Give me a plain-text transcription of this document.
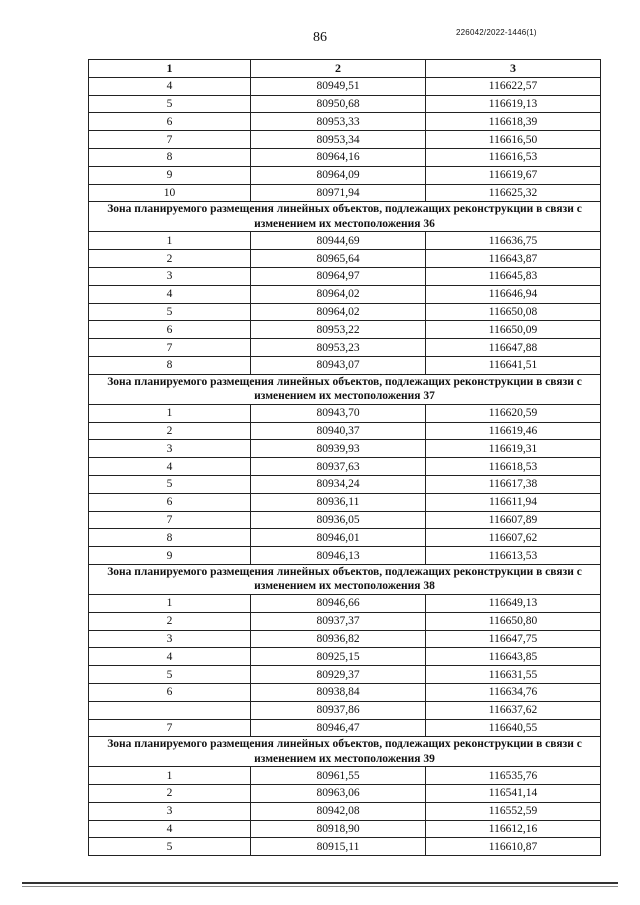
86	226042/2022-1446(1)
1	2	3
4	80949,51	116622,57
5	80950,68	116619,13
6	80953,33	116618,39
7	80953,34	116616,50
8	80964,16	116616,53
9	80964,09	116619,67
10	80971,94	116625,32
Зона планируемого размещения линейных объектов, подлежащих реконструкции в связи с изменением их местоположения 36		
1	80944,69	116636,75
2	80965,64	116643,87
3	80964,97	116645,83
4	80964,02	116646,94
5	80964,02	116650,08
6	80953,22	116650,09
7	80953,23	116647,88
8	80943,07	116641,51
Зона планируемого размещения линейных объектов, подлежащих реконструкции в связи с изменением их местоположения 37		
1	80943,70	116620,59
2	80940,37	116619,46
3	80939,93	116619,31
4	80937,63	116618,53
5	80934,24	116617,38
6	80936,11	116611,94
7	80936,05	116607,89
8	80946,01	116607,62
9	80946,13	116613,53
Зона планируемого размещения линейных объектов, подлежащих реконструкции в связи с изменением их местоположения 38		
1	80946,66	116649,13
2	80937,37	116650,80
3	80936,82	116647,75
4	80925,15	116643,85
5	80929,37	116631,55
6	80938,84	116634,76
	80937,86	116637,62
7	80946,47	116640,55
Зона планируемого размещения линейных объектов, подлежащих реконструкции в связи с изменением их местоположения 39		
1	80961,55	116535,76
2	80963,06	116541,14
3	80942,08	116552,59
4	80918,90	116612,16
5	80915,11	116610,87
